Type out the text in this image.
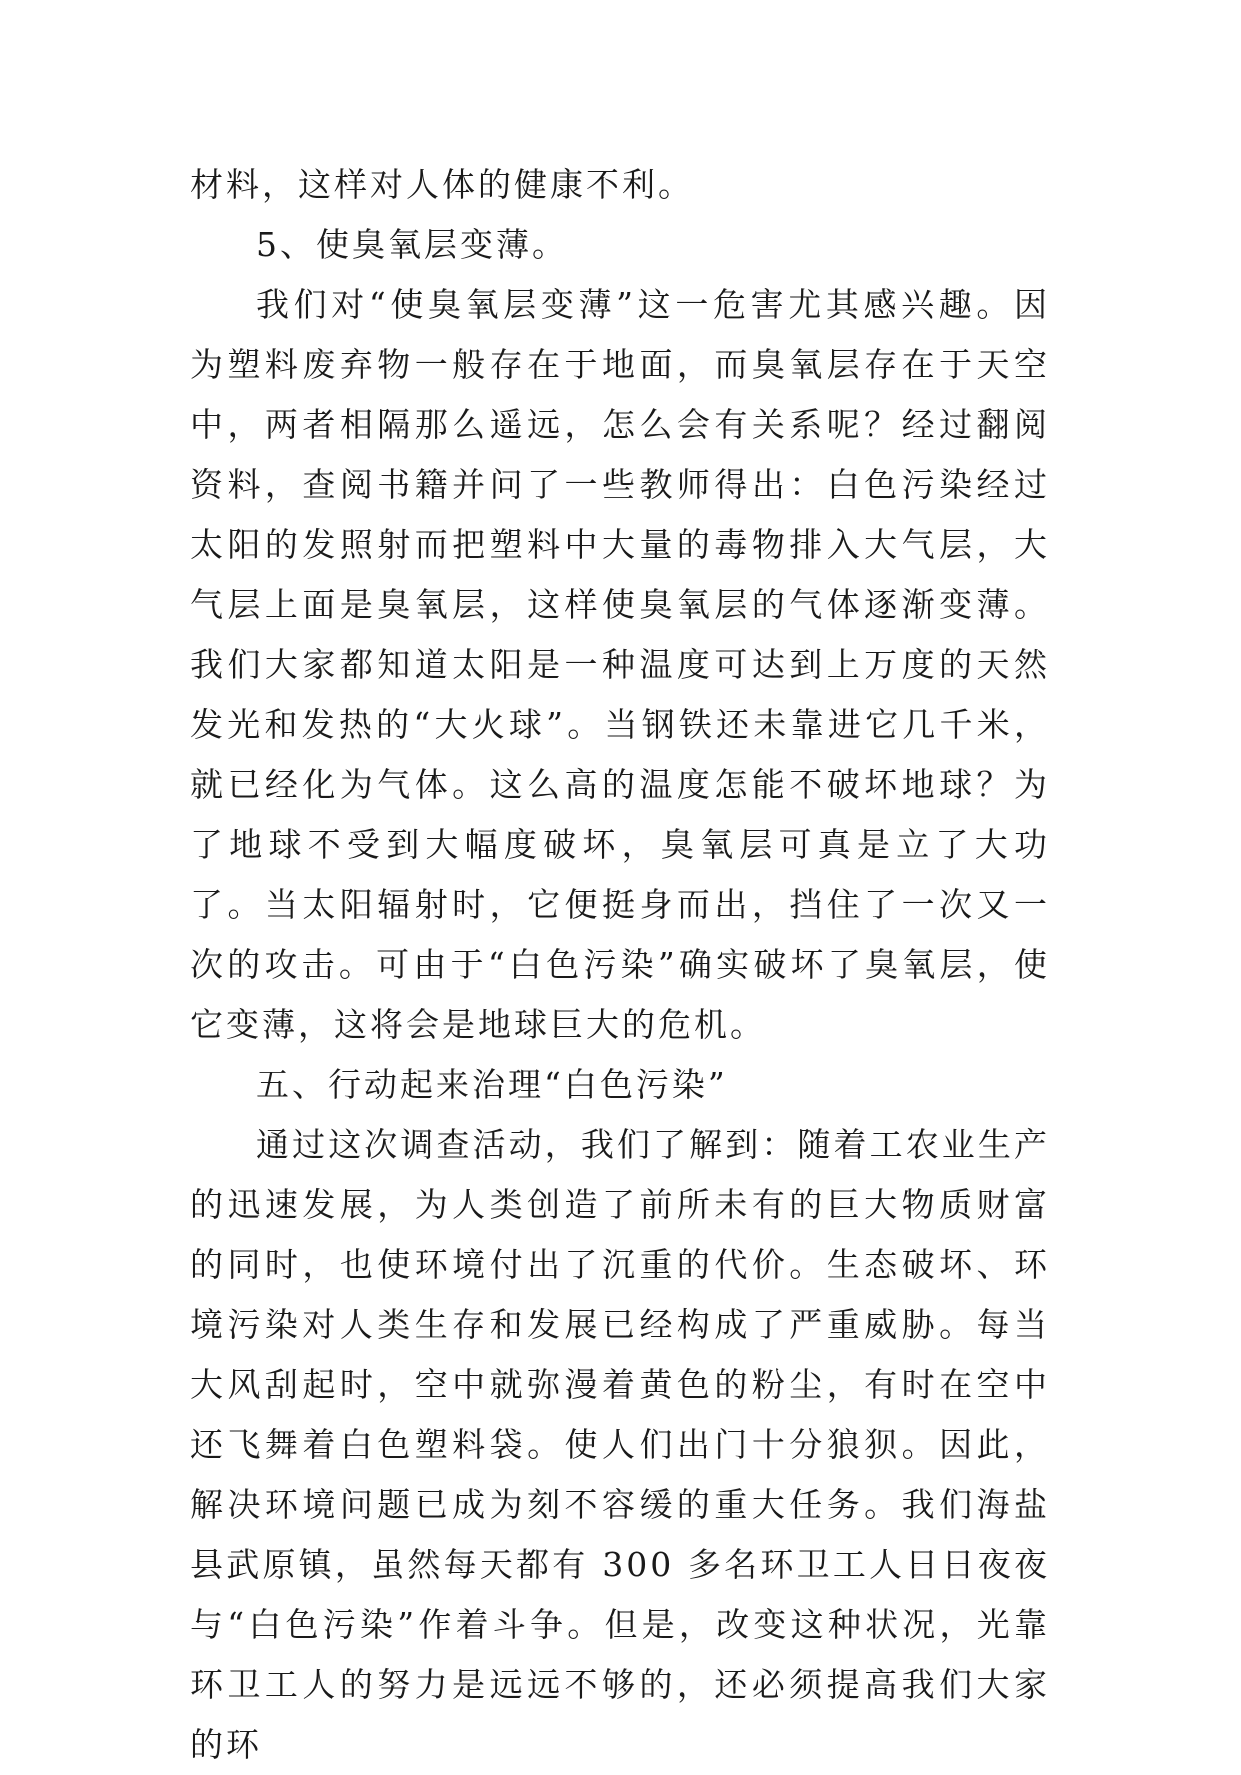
材料，这样对人体的健康不利。

5、使臭氧层变薄。

我们对“使臭氧层变薄”这一危害尤其感兴趣。因为塑料废弃物一般存在于地面，而臭氧层存在于天空中，两者相隔那么遥远，怎么会有关系呢？经过翻阅资料，查阅书籍并问了一些教师得出：白色污染经过太阳的发照射而把塑料中大量的毒物排入大气层，大气层上面是臭氧层，这样使臭氧层的气体逐渐变薄。我们大家都知道太阳是一种温度可达到上万度的天然发光和发热的“大火球”。当钢铁还未靠进它几千米，就已经化为气体。这么高的温度怎能不破坏地球？为了地球不受到大幅度破坏，臭氧层可真是立了大功了。当太阳辐射时，它便挺身而出，挡住了一次又一次的攻击。可由于“白色污染”确实破坏了臭氧层，使它变薄，这将会是地球巨大的危机。

五、行动起来治理“白色污染”

通过这次调查活动，我们了解到：随着工农业生产的迅速发展，为人类创造了前所未有的巨大物质财富的同时，也使环境付出了沉重的代价。生态破坏、环境污染对人类生存和发展已经构成了严重威胁。每当大风刮起时，空中就弥漫着黄色的粉尘，有时在空中还飞舞着白色塑料袋。使人们出门十分狼狈。因此，解决环境问题已成为刻不容缓的重大任务。我们海盐县武原镇，虽然每天都有 300 多名环卫工人日日夜夜与“白色污染”作着斗争。但是，改变这种状况，光靠环卫工人的努力是远远不够的，还必须提高我们大家的环
